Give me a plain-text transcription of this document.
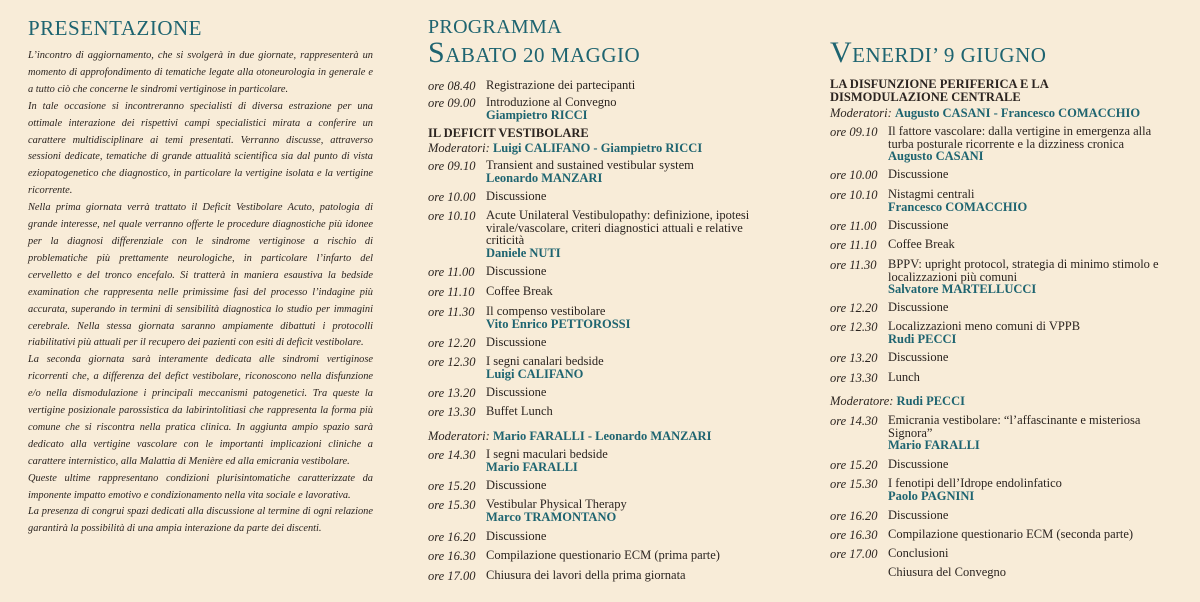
PRESENTAZIONE

L’incontro di aggiornamento, che si svolgerà in due giornate, rappresenterà un momento di approfondimento di tematiche legate alla otoneurologia in generale e a tutto ciò che concerne le sindromi vertiginose in particolare.

In tale occasione si incontreranno specialisti di diversa estrazione per una ottimale interazione dei rispettivi campi specialistici mirata a conferire un carattere multidisciplinare ai temi presentati. Verranno discusse, attraverso sessioni dedicate, tematiche di grande attualità scientifica sia dal punto di vista eziopatogenetico che diagnostico, in particolare la vertigine isolata e la vertigine ricorrente.

Nella prima giornata verrà trattato il Deficit Vestibolare Acuto, patologia di grande interesse, nel quale verranno offerte le procedure diagnostiche più idonee per la diagnosi differenziale con le sindrome vertiginose a rischio di problematiche più prettamente neurologiche, in particolare l’infarto del cervelletto e del tronco encefalo. Si tratterà in maniera esaustiva la bedside examination che rappresenta nelle primissime fasi del processo l’indagine più accurata, superando in termini di sensibilità diagnostica lo studio per immagini cerebrale. Nella stessa giornata saranno ampiamente dibattuti i protocolli riabilitativi più attuali per il recupero dei pazienti con esiti di deficit vestibolare.

La seconda giornata sarà interamente dedicata alle sindromi vertiginose ricorrenti che, a differenza del defict vestibolare, riconoscono nella disfunzione e/o nella dismodulazione i principali meccanismi patogenetici. Tra queste la vertigine posizionale parossistica da labirintolitiasi che rappresenta la forma più comune che si riscontra nella pratica clinica. In aggiunta ampio spazio sarà dedicato alla vertigine vascolare con le importanti implicazioni cliniche a carattere internistico, alla Malattia di Menière ed alla emicrania vestibolare.

Queste ultime rappresentano condizioni plurisintomatiche caratterizzate da imponente impatto emotivo e condizionamento nella vita sociale e lavorativa.

La presenza di congrui spazi dedicati alla discussione al termine di ogni relazione garantirà la possibilità di una ampia interazione da parte dei discenti.

PROGRAMMA
SABATO 20 MAGGIO
ore 08.40 Registrazione dei partecipanti
ore 09.00 Introduzione al Convegno
Giampietro RICCI
IL DEFICIT VESTIBOLARE
Moderatori: Luigi CALIFANO - Giampietro RICCI
ore 09.10 Transient and sustained vestibular system
Leonardo MANZARI
ore 10.00 Discussione
ore 10.10 Acute Unilateral Vestibulopathy: definizione, ipotesi virale/vascolare, criteri diagnostici attuali e relative criticità
Daniele NUTI
ore 11.00 Discussione
ore 11.10 Coffee Break
ore 11.30 Il compenso vestibolare
Vito Enrico PETTOROSSI
ore 12.20 Discussione
ore 12.30 I segni canalari bedside
Luigi CALIFANO
ore 13.20 Discussione
ore 13.30 Buffet Lunch
Moderatori: Mario FARALLI - Leonardo MANZARI
ore 14.30 I segni maculari bedside
Mario FARALLI
ore 15.20 Discussione
ore 15.30 Vestibular Physical Therapy
Marco TRAMONTANO
ore 16.20 Discussione
ore 16.30 Compilazione questionario ECM (prima parte)
ore 17.00 Chiusura dei lavori della prima giornata
VENERDI’ 9 GIUGNO
LA DISFUNZIONE PERIFERICA E LA DISMODULAZIONE CENTRALE
Moderatori: Augusto CASANI - Francesco COMACCHIO
ore 09.10 Il fattore vascolare: dalla vertigine in emergenza alla turba posturale ricorrente e la dizziness cronica
Augusto CASANI
ore 10.00 Discussione
ore 10.10 Nistagmi centrali
Francesco COMACCHIO
ore 11.00 Discussione
ore 11.10 Coffee Break
ore 11.30 BPPV: upright protocol, strategia di minimo stimolo e localizzazioni più comuni
Salvatore MARTELLUCCI
ore 12.20 Discussione
ore 12.30 Localizzazioni meno comuni di VPPB
Rudi PECCI
ore 13.20 Discussione
ore 13.30 Lunch
Moderatore: Rudi PECCI
ore 14.30 Emicrania vestibolare: “l’affascinante e misteriosa Signora”
Mario FARALLI
ore 15.20 Discussione
ore 15.30 I fenotipi dell’Idrope endolinfatico
Paolo PAGNINI
ore 16.20 Discussione
ore 16.30 Compilazione questionario ECM (seconda parte)
ore 17.00 Conclusioni
Chiusura del Convegno
